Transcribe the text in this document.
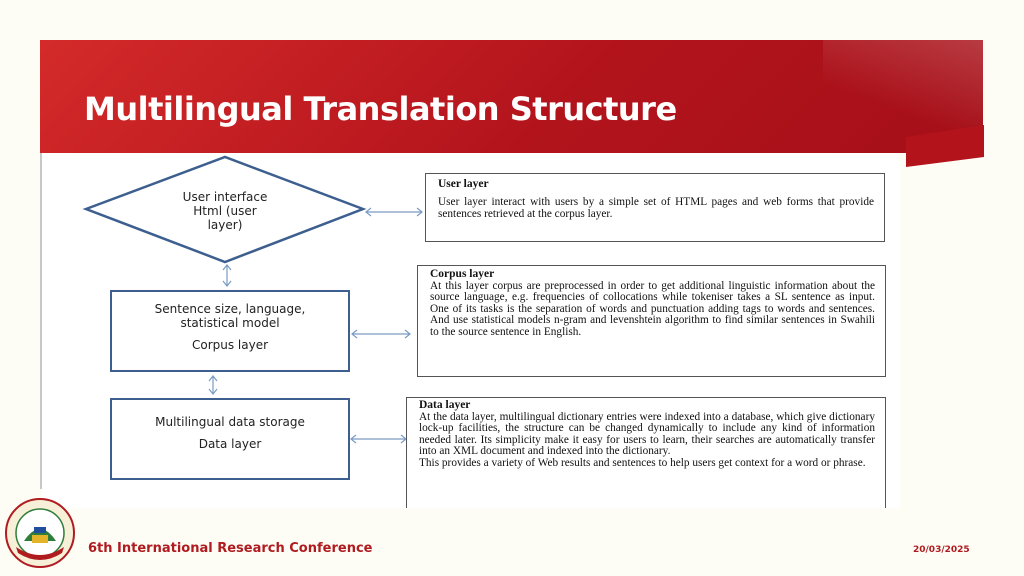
Multilingual Translation Structure
User interface
Html (user
layer)
Sentence size, language,
statistical model
Corpus layer
Multilingual data storage
Data layer
User layer
User layer interact with users by a simple set of HTML pages and web forms that provide sentences retrieved at the corpus layer.
Corpus layer
At this layer corpus are preprocessed in order to get additional linguistic information about the source language, e.g. frequencies of collocations while tokeniser takes a SL sentence as input. One of its tasks is the separation of words and punctuation adding tags to words and sentences. And use statistical models n-gram and levenshtein algorithm to find similar sentences in Swahili to the source sentence in English.
Data layer
At the data layer, multilingual dictionary entries were indexed into a database, which give dictionary lock-up facilities, the structure can be changed dynamically to include any kind of information needed later. Its simplicity make it easy for users to learn, their searches are automatically transfer into an XML document and indexed into the dictionary.
This provides a variety of Web results and sentences to help users get context for a word or phrase.
6th International Research Conference	20/03/2025
